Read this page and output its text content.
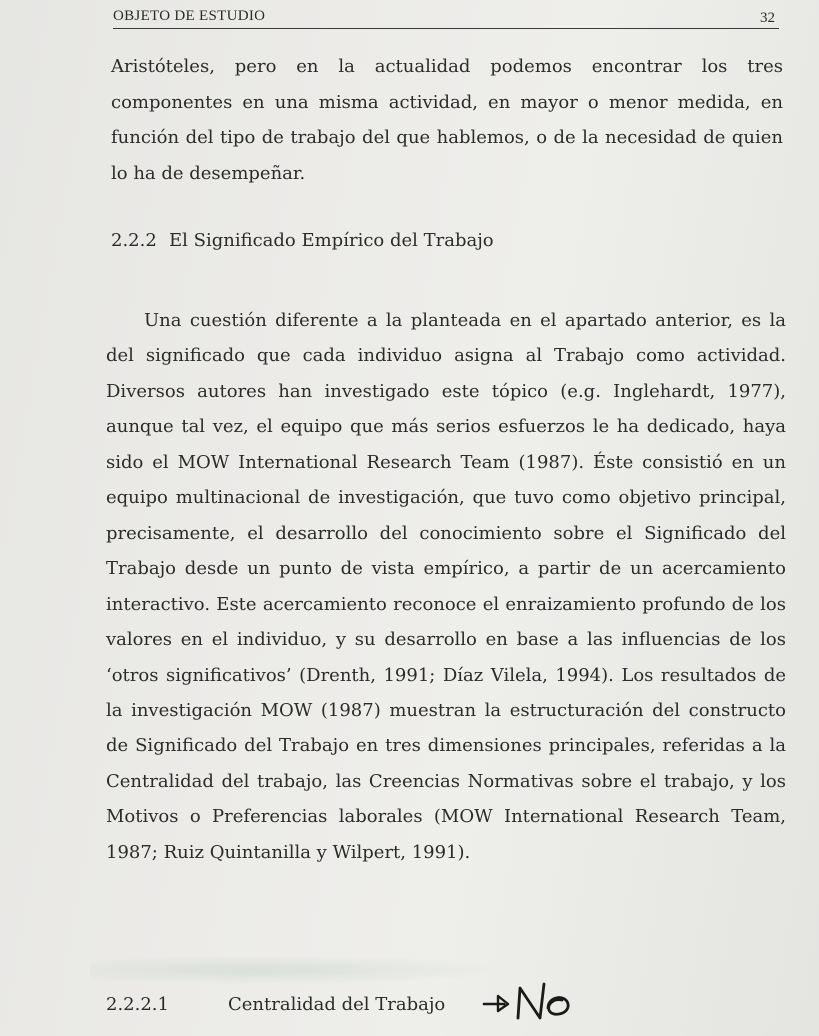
OBJETO DE ESTUDIO	32

Aristóteles, pero en la actualidad podemos encontrar los tres componentes en una misma actividad, en mayor o menor medida, en función del tipo de trabajo del que hablemos, o de la necesidad de quien lo ha de desempeñar.

2.2.2 El Significado Empírico del Trabajo

Una cuestión diferente a la planteada en el apartado anterior, es la del significado que cada individuo asigna al Trabajo como actividad. Diversos autores han investigado este tópico (e.g. Inglehardt, 1977), aunque tal vez, el equipo que más serios esfuerzos le ha dedicado, haya sido el MOW International Research Team (1987). Éste consistió en un equipo multinacional de investigación, que tuvo como objetivo principal, precisamente, el desarrollo del conocimiento sobre el Significado del Trabajo desde un punto de vista empírico, a partir de un acercamiento interactivo. Este acercamiento reconoce el enraizamiento profundo de los valores en el individuo, y su desarrollo en base a las influencias de los ‘otros significativos’ (Drenth, 1991; Díaz Vilela, 1994). Los resultados de la investigación MOW (1987) muestran la estructuración del constructo de Significado del Trabajo en tres dimensiones principales, referidas a la Centralidad del trabajo, las Creencias Normativas sobre el trabajo, y los Motivos o Preferencias laborales (MOW International Research Team, 1987; Ruiz Quintanilla y Wilpert, 1991).

2.2.2.1	Centralidad del Trabajo
